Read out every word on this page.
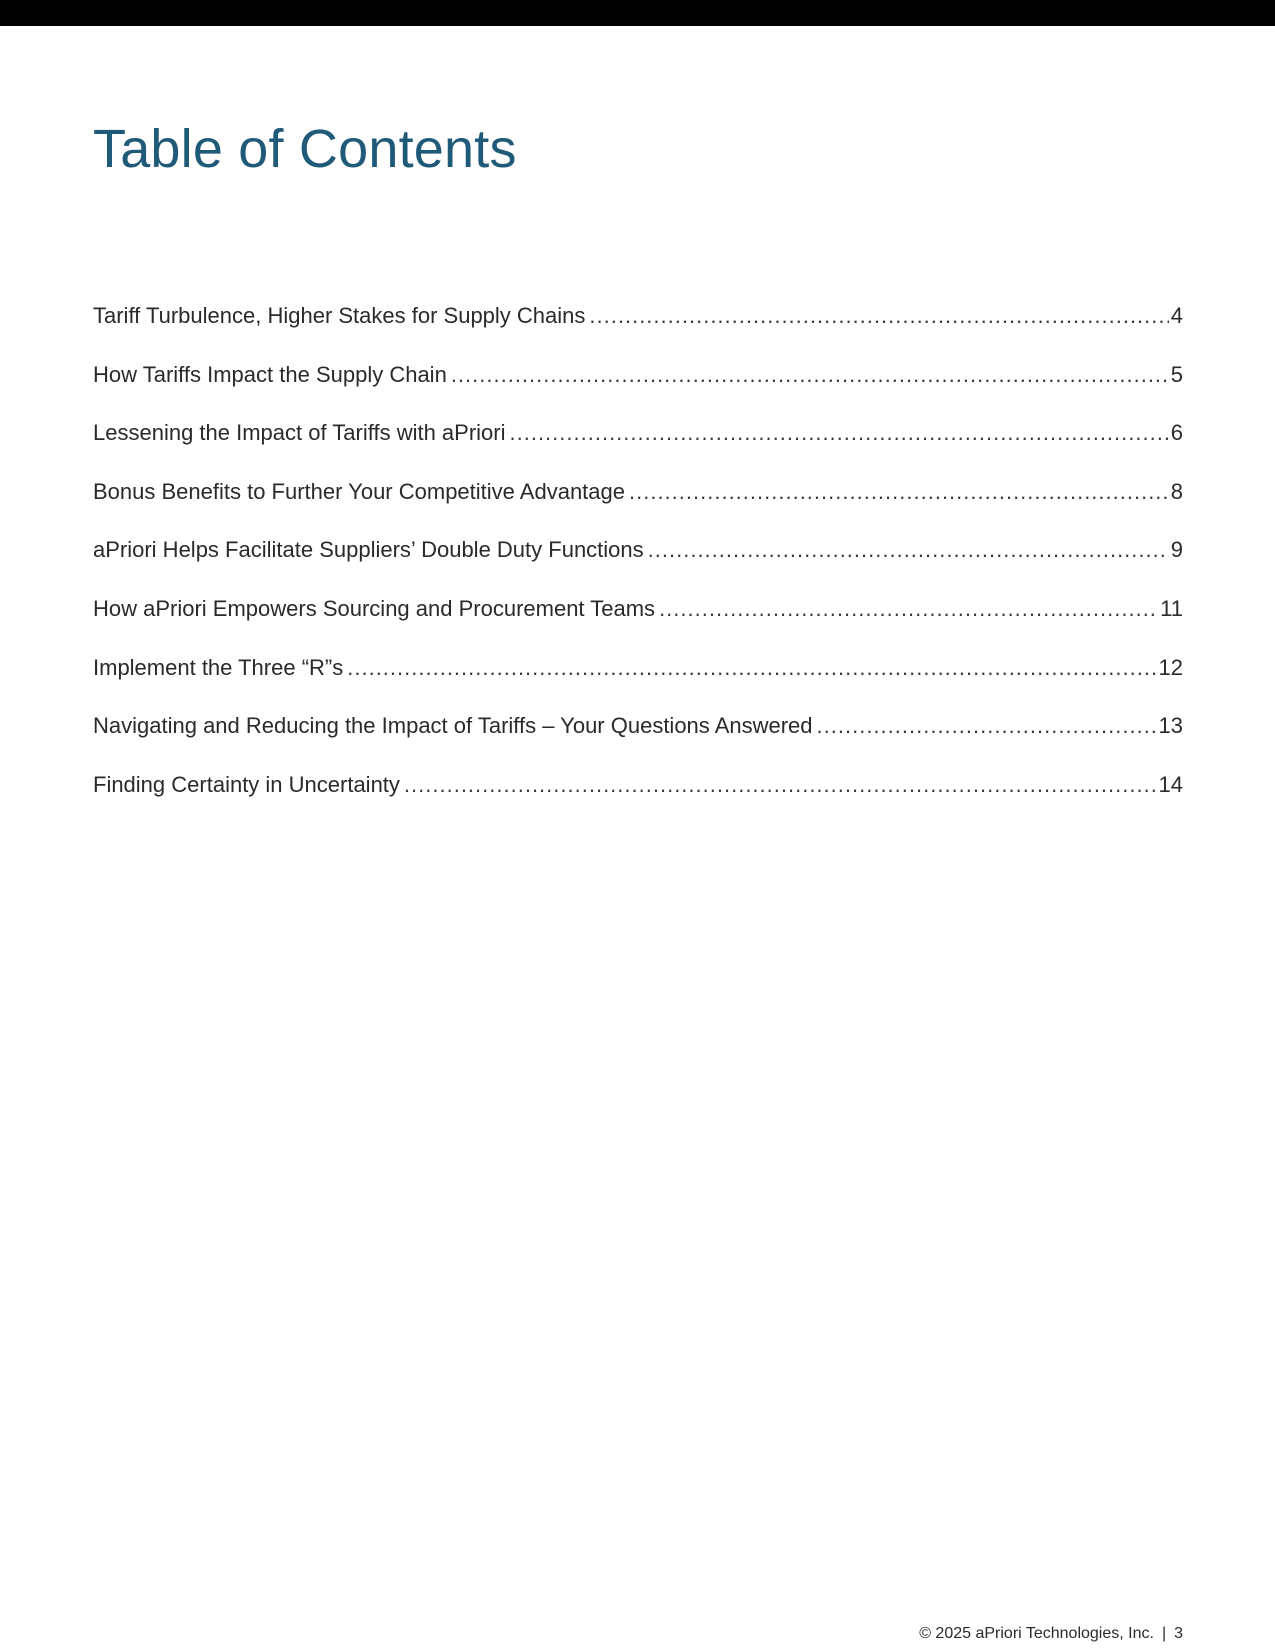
Table of Contents
Tariff Turbulence, Higher Stakes for Supply Chains .....	4
How Tariffs Impact the Supply Chain .....	5
Lessening the Impact of Tariffs with aPriori .....	6
Bonus Benefits to Further Your Competitive Advantage .....	8
aPriori Helps Facilitate Suppliers’ Double Duty Functions .....	9
How aPriori Empowers Sourcing and Procurement Teams .....	11
Implement the Three “R”s .....	12
Navigating and Reducing the Impact of Tariffs – Your Questions Answered .....	13
Finding Certainty in Uncertainty .....	14
© 2025 aPriori Technologies, Inc. | 3
